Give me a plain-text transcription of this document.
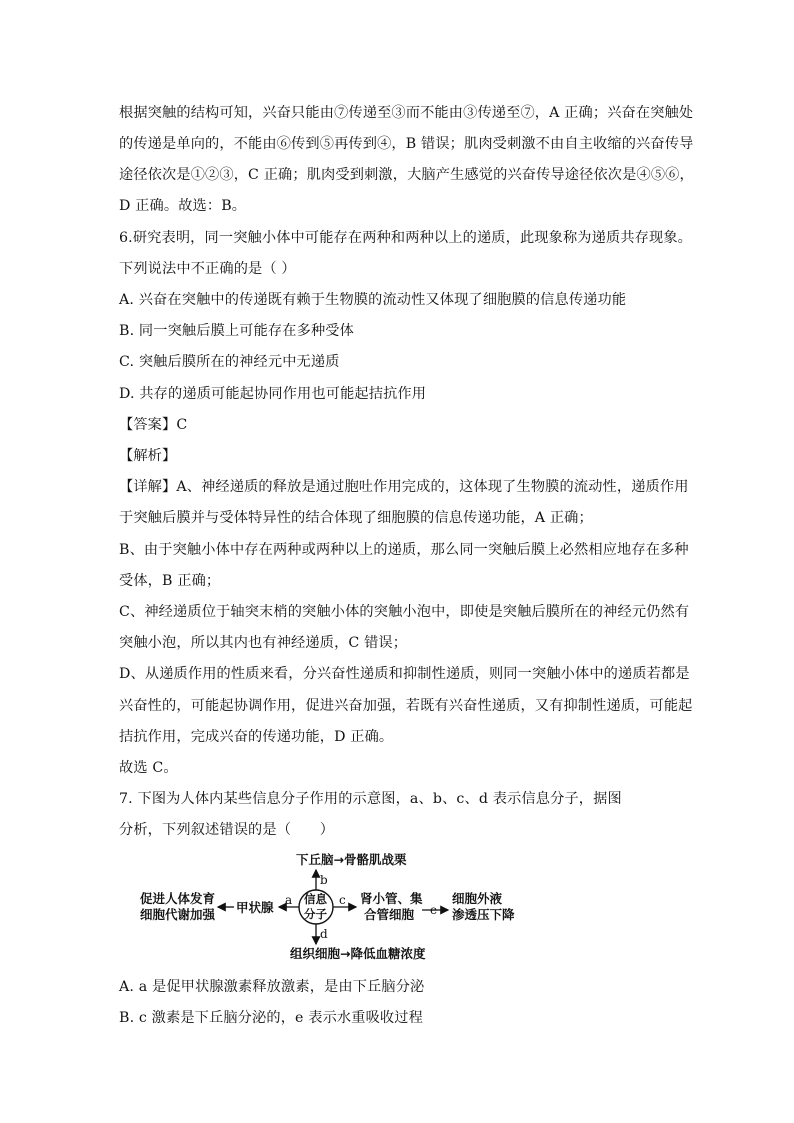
根据突触的结构可知，兴奋只能由⑦传递至③而不能由③传递至⑦，A 正确；兴奋在突触处
的传递是单向的，不能由⑥传到⑤再传到④，B 错误；肌肉受刺激不由自主收缩的兴奋传导
途径依次是①②③，C 正确；肌肉受到刺激，大脑产生感觉的兴奋传导途径依次是④⑤⑥，
D 正确。故选：B。
6.研究表明，同一突触小体中可能存在两种和两种以上的递质，此现象称为递质共存现象。
下列说法中不正确的是（ ）
A. 兴奋在突触中的传递既有赖于生物膜的流动性又体现了细胞膜的信息传递功能
B. 同一突触后膜上可能存在多种受体
C. 突触后膜所在的神经元中无递质
D. 共存的递质可能起协同作用也可能起拮抗作用
【答案】C
【解析】
【详解】A、神经递质的释放是通过胞吐作用完成的，这体现了生物膜的流动性，递质作用
于突触后膜并与受体特异性的结合体现了细胞膜的信息传递功能，A 正确；
B、由于突触小体中存在两种或两种以上的递质，那么同一突触后膜上必然相应地存在多种
受体，B 正确；
C、神经递质位于轴突末梢的突触小体的突触小泡中，即使是突触后膜所在的神经元仍然有
突触小泡，所以其内也有神经递质，C 错误；
D、从递质作用的性质来看，分兴奋性递质和抑制性递质，则同一突触小体中的递质若都是
兴奋性的，可能起协调作用，促进兴奋加强，若既有兴奋性递质，又有抑制性递质，可能起
拮抗作用，完成兴奋的传递功能，D 正确。
故选 C。
7. 下图为人体内某些信息分子作用的示意图，a、b、c、d 表示信息分子，据图
分析，下列叙述错误的是（　　）
下丘脑→骨骼肌战栗
信息
分子
b
d
组织细胞→降低血糖浓度
a
甲状腺
促进人体发育
细胞代谢加强
c 肾小管、集
合管细胞 e
细胞外液
渗透压下降
A. a 是促甲状腺激素释放激素，是由下丘脑分泌
B. c 激素是下丘脑分泌的，e 表示水重吸收过程
